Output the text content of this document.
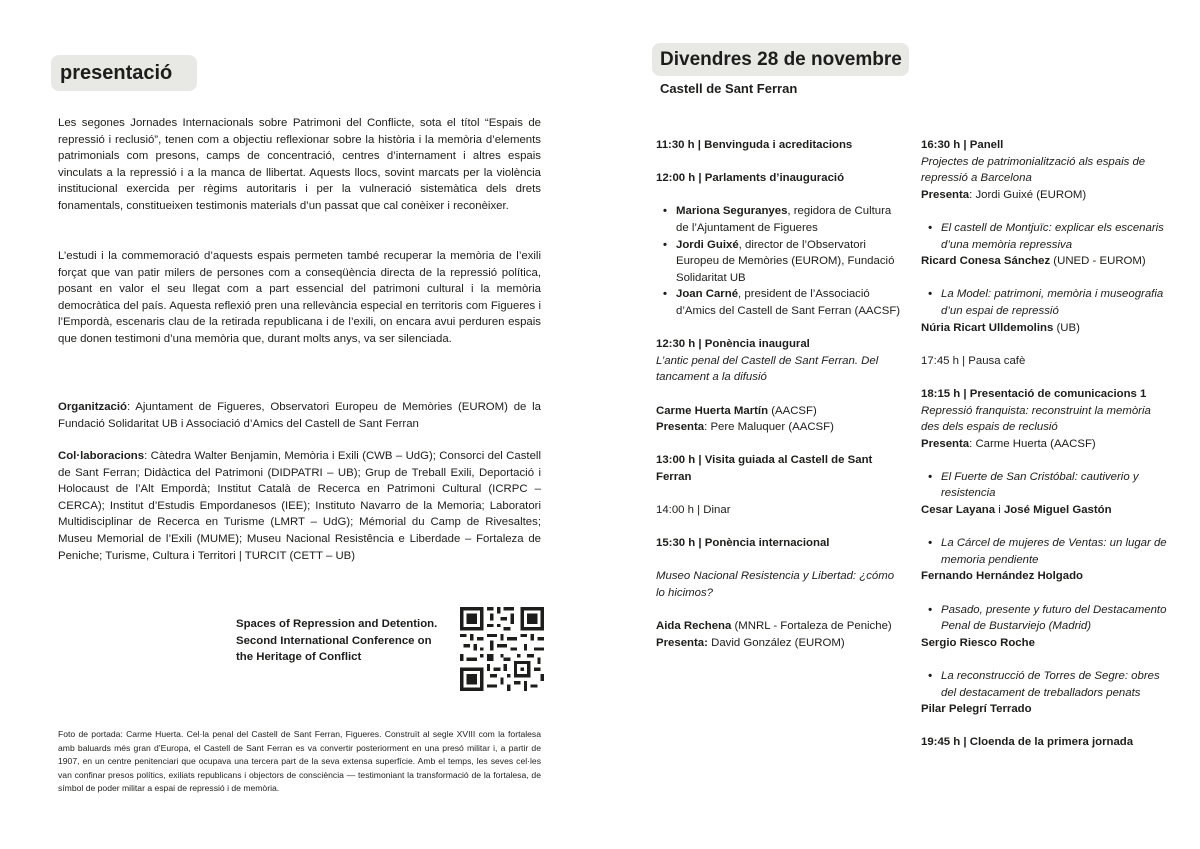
presentació

Les segones Jornades Internacionals sobre Patrimoni del Conflicte, sota el títol “Espais de repressió i reclusió”, tenen com a objectiu reflexionar sobre la història i la memòria d’elements patrimonials com presons, camps de concentració, centres d’internament i altres espais vinculats a la repressió i a la manca de llibertat. Aquests llocs, sovint marcats per la violència institucional exercida per règims autoritaris i per la vulneració sistemàtica dels drets fonamentals, constitueixen testimonis materials d’un passat que cal conèixer i reconèixer.

L’estudi i la commemoració d’aquests espais permeten també recuperar la memòria de l’exili forçat que van patir milers de persones com a conseqüència directa de la repressió política, posant en valor el seu llegat com a part essencial del patrimoni cultural i la memòria democràtica del país. Aquesta reflexió pren una rellevància especial en territoris com Figueres i l’Empordà, escenaris clau de la retirada republicana i de l’exili, on encara avui perduren espais que donen testimoni d’una memòria que, durant molts anys, va ser silenciada.

Organització: Ajuntament de Figueres, Observatori Europeu de Memòries (EUROM) de la Fundació Solidaritat UB i Associació d’Amics del Castell de Sant Ferran

Col·laboracions: Càtedra Walter Benjamin, Memòria i Exili (CWB – UdG); Consorci del Castell de Sant Ferran; Didàctica del Patrimoni (DIDPATRI – UB); Grup de Treball Exili, Deportació i Holocaust de l’Alt Empordà; Institut Català de Recerca en Patrimoni Cultural (ICRPC – CERCA); Institut d’Estudis Empordanesos (IEE); Instituto Navarro de la Memoria; Laboratori Multidisciplinar de Recerca en Turisme (LMRT – UdG); Mémorial du Camp de Rivesaltes; Museu Memorial de l’Exili (MUME); Museu Nacional Resistência e Liberdade – Fortaleza de Peniche; Turisme, Cultura i Territori | TURCIT (CETT – UB)

Spaces of Repression and Detention. Second International Conference on the Heritage of Conflict

Foto de portada: Carme Huerta. Cel·la penal del Castell de Sant Ferran, Figueres. Construït al segle XVIII com la fortalesa amb baluards més gran d’Europa, el Castell de Sant Ferran es va convertir posteriorment en una presó militar i, a partir de 1907, en un centre penitenciari que ocupava una tercera part de la seva extensa superfície. Amb el temps, les seves cel·les van confinar presos polítics, exiliats republicans i objectors de consciència — testimoniant la transformació de la fortalesa, de símbol de poder militar a espai de repressió i de memòria.

Divendres 28 de novembre
Castell de Sant Ferran
11:30 h | Benvinguda i acreditacions
12:00 h | Parlaments d’inauguració
• Mariona Seguranyes, regidora de Cultura de l’Ajuntament de Figueres
• Jordi Guixé, director de l’Observatori Europeu de Memòries (EUROM), Fundació Solidaritat UB
• Joan Carné, president de l’Associació d’Amics del Castell de Sant Ferran (AACSF)
12:30 h | Ponència inaugural
L’antic penal del Castell de Sant Ferran. Del tancament a la difusió
Carme Huerta Martín (AACSF)
Presenta: Pere Maluquer (AACSF)
13:00 h | Visita guiada al Castell de Sant Ferran
14:00 h | Dinar
15:30 h | Ponència internacional
Museo Nacional Resistencia y Libertad: ¿cómo lo hicimos?
Aida Rechena (MNRL - Fortaleza de Peniche)
Presenta: David González (EUROM)
16:30 h | Panell
Projectes de patrimonialització als espais de repressió a Barcelona
Presenta: Jordi Guixé (EUROM)
• El castell de Montjuïc: explicar els escenaris d’una memòria repressiva
Ricard Conesa Sánchez (UNED - EUROM)
• La Model: patrimoni, memòria i museografia d’un espai de repressió
Núria Ricart Ulldemolins (UB)
17:45 h | Pausa cafè
18:15 h | Presentació de comunicacions 1
Repressió franquista: reconstruint la memòria des dels espais de reclusió
Presenta: Carme Huerta (AACSF)
• El Fuerte de San Cristóbal: cautiverio y resistencia
Cesar Layana i José Miguel Gastón
• La Cárcel de mujeres de Ventas: un lugar de memoria pendiente
Fernando Hernández Holgado
• Pasado, presente y futuro del Destacamento Penal de Bustarviejo (Madrid)
Sergio Riesco Roche
• La reconstrucció de Torres de Segre: obres del destacament de treballadors penats
Pilar Pelegrí Terrado
19:45 h | Cloenda de la primera jornada
